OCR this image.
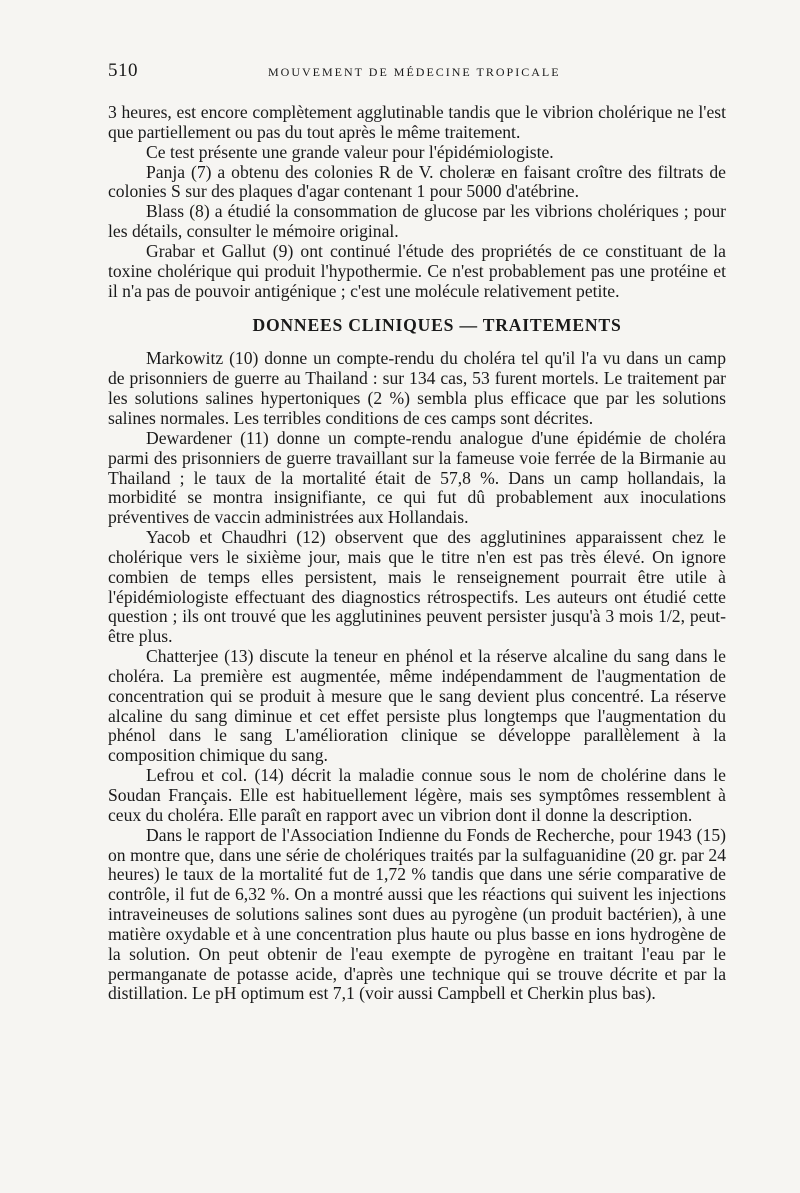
510	MOUVEMENT DE MÉDECINE TROPICALE

3 heures, est encore complètement agglutinable tandis que le vibrion cholérique ne l'est que partiellement ou pas du tout après le même traitement.

Ce test présente une grande valeur pour l'épidémiologiste.

Panja (7) a obtenu des colonies R de V. choleræ en faisant croître des filtrats de colonies S sur des plaques d'agar contenant 1 pour 5000 d'atébrine.

Blass (8) a étudié la consommation de glucose par les vibrions cholériques ; pour les détails, consulter le mémoire original.

Grabar et Gallut (9) ont continué l'étude des propriétés de ce constituant de la toxine cholérique qui produit l'hypothermie. Ce n'est probablement pas une protéine et il n'a pas de pouvoir antigénique ; c'est une molécule relativement petite.

DONNEES CLINIQUES — TRAITEMENTS

Markowitz (10) donne un compte-rendu du choléra tel qu'il l'a vu dans un camp de prisonniers de guerre au Thailand : sur 134 cas, 53 furent mortels. Le traitement par les solutions salines hypertoniques (2 %) sembla plus efficace que par les solutions salines normales. Les terribles conditions de ces camps sont décrites.

Dewardener (11) donne un compte-rendu analogue d'une épidémie de choléra parmi des prisonniers de guerre travaillant sur la fameuse voie ferrée de la Birmanie au Thailand ; le taux de la mortalité était de 57,8 %. Dans un camp hollandais, la morbidité se montra insignifiante, ce qui fut dû probablement aux inoculations préventives de vaccin administrées aux Hollandais.

Yacob et Chaudhri (12) observent que des agglutinines apparaissent chez le cholérique vers le sixième jour, mais que le titre n'en est pas très élevé. On ignore combien de temps elles persistent, mais le renseignement pourrait être utile à l'épidémiologiste effectuant des diagnostics rétrospectifs. Les auteurs ont étudié cette question ; ils ont trouvé que les agglutinines peuvent persister jusqu'à 3 mois 1/2, peut-être plus.

Chatterjee (13) discute la teneur en phénol et la réserve alcaline du sang dans le choléra. La première est augmentée, même indépendamment de l'augmentation de concentration qui se produit à mesure que le sang devient plus concentré. La réserve alcaline du sang diminue et cet effet persiste plus longtemps que l'augmentation du phénol dans le sang L'amélioration clinique se développe parallèlement à la composition chimique du sang.

Lefrou et col. (14) décrit la maladie connue sous le nom de cholérine dans le Soudan Français. Elle est habituellement légère, mais ses symptômes ressemblent à ceux du choléra. Elle paraît en rapport avec un vibrion dont il donne la description.

Dans le rapport de l'Association Indienne du Fonds de Recherche, pour 1943 (15) on montre que, dans une série de cholériques traités par la sulfaguanidine (20 gr. par 24 heures) le taux de la mortalité fut de 1,72 % tandis que dans une série comparative de contrôle, il fut de 6,32 %. On a montré aussi que les réactions qui suivent les injections intraveineuses de solutions salines sont dues au pyrogène (un produit bactérien), à une matière oxydable et à une concentration plus haute ou plus basse en ions hydrogène de la solution. On peut obtenir de l'eau exempte de pyrogène en traitant l'eau par le permanganate de potasse acide, d'après une technique qui se trouve décrite et par la distillation. Le pH optimum est 7,1 (voir aussi Campbell et Cherkin plus bas).
